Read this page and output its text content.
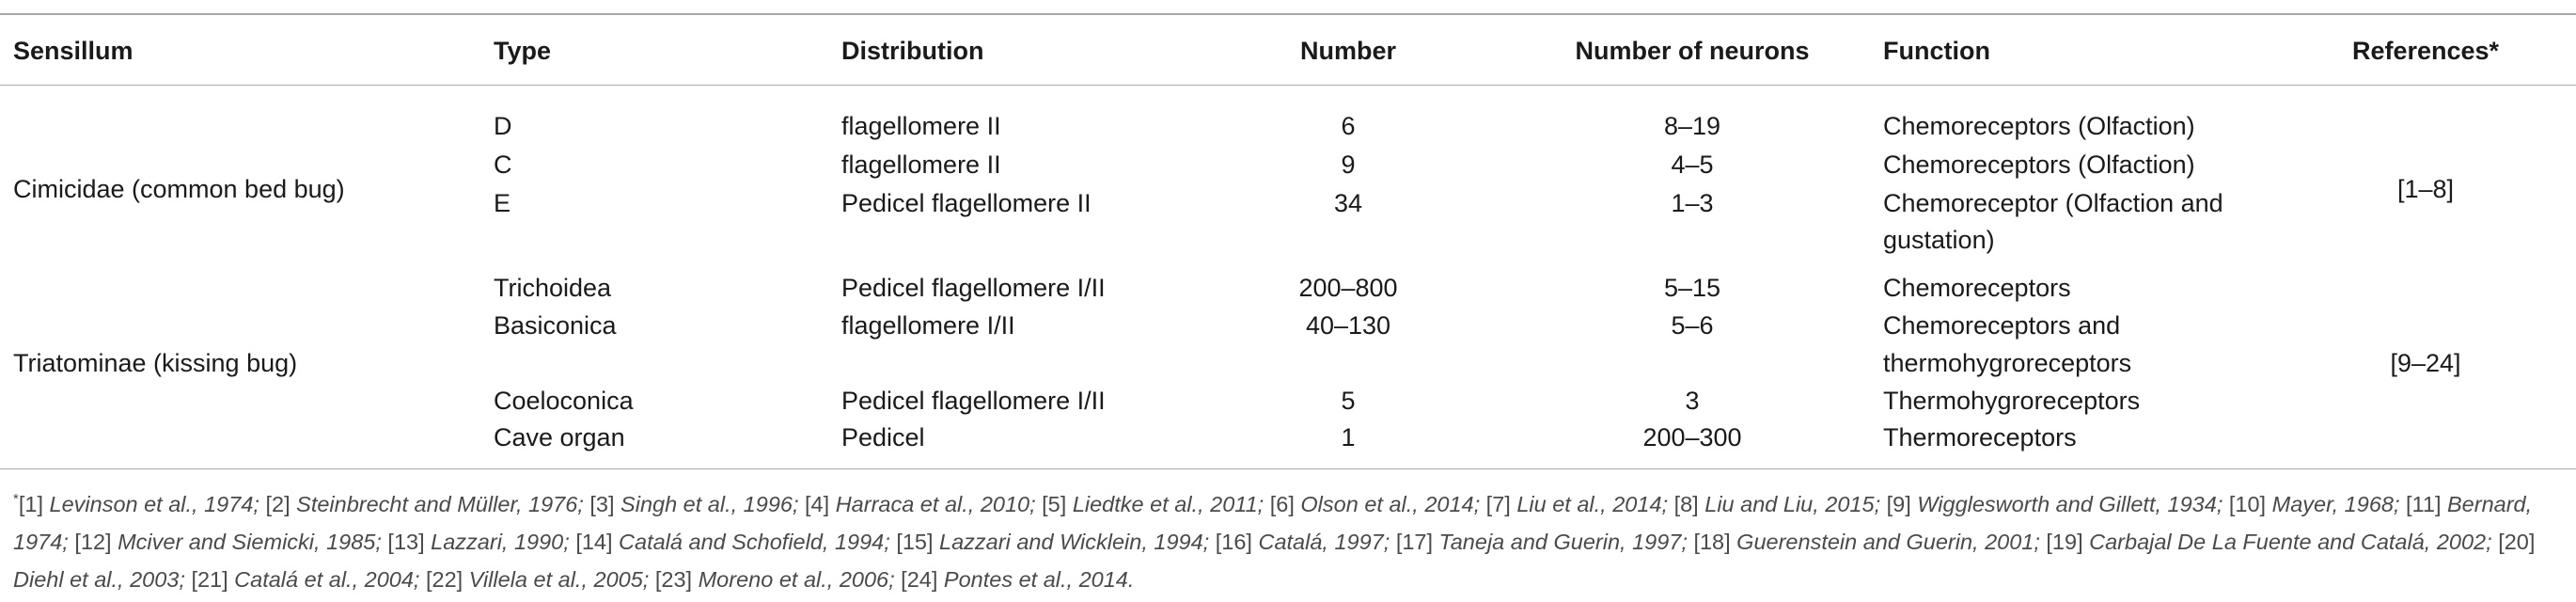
Sensillum	Type	Distribution	Number	Number of neurons	Function	References*
Cimicidae (common bed bug)	[1–8]
D	flagellomere II	6	8–19	Chemoreceptors (Olfaction)
C	flagellomere II	9	4–5	Chemoreceptors (Olfaction)
E	Pedicel flagellomere II	34	1–3	Chemoreceptor (Olfaction and
gustation)
Triatominae (kissing bug)	[9–24]
Trichoidea	Pedicel flagellomere I/II	200–800	5–15	Chemoreceptors
Basiconica	flagellomere I/II	40–130	5–6	Chemoreceptors and
thermohygroreceptors
Coeloconica	Pedicel flagellomere I/II	5	3	Thermohygroreceptors
Cave organ	Pedicel	1	200–300	Thermoreceptors
*[1] Levinson et al., 1974; [2] Steinbrecht and Müller, 1976; [3] Singh et al., 1996; [4] Harraca et al., 2010; [5] Liedtke et al., 2011; [6] Olson et al., 2014; [7] Liu et al., 2014; [8] Liu and Liu, 2015; [9] Wigglesworth and Gillett, 1934; [10] Mayer, 1968; [11] Bernard, 1974; [12] Mciver and Siemicki, 1985; [13] Lazzari, 1990; [14] Catalá and Schofield, 1994; [15] Lazzari and Wicklein, 1994; [16] Catalá, 1997; [17] Taneja and Guerin, 1997; [18] Guerenstein and Guerin, 2001; [19] Carbajal De La Fuente and Catalá, 2002; [20] Diehl et al., 2003; [21] Catalá et al., 2004; [22] Villela et al., 2005; [23] Moreno et al., 2006; [24] Pontes et al., 2014.
